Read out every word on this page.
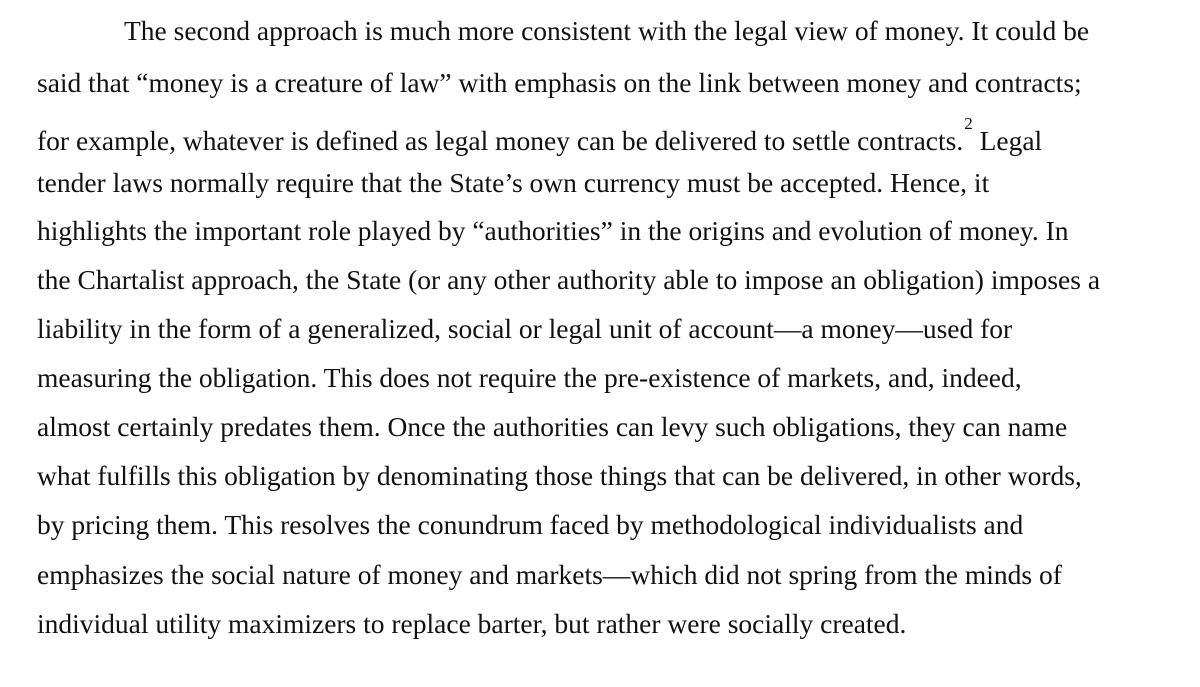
The second approach is much more consistent with the legal view of money. It could be

said that “money is a creature of law” with emphasis on the link between money and contracts;

for example, whatever is defined as legal money can be delivered to settle contracts.$^2$ Legal

tender laws normally require that the State’s own currency must be accepted. Hence, it

highlights the important role played by “authorities” in the origins and evolution of money. In

the Chartalist approach, the State (or any other authority able to impose an obligation) imposes a

liability in the form of a generalized, social or legal unit of account—a money—used for

measuring the obligation. This does not require the pre-existence of markets, and, indeed,

almost certainly predates them. Once the authorities can levy such obligations, they can name

what fulfills this obligation by denominating those things that can be delivered, in other words,

by pricing them. This resolves the conundrum faced by methodological individualists and

emphasizes the social nature of money and markets—which did not spring from the minds of

individual utility maximizers to replace barter, but rather were socially created.
